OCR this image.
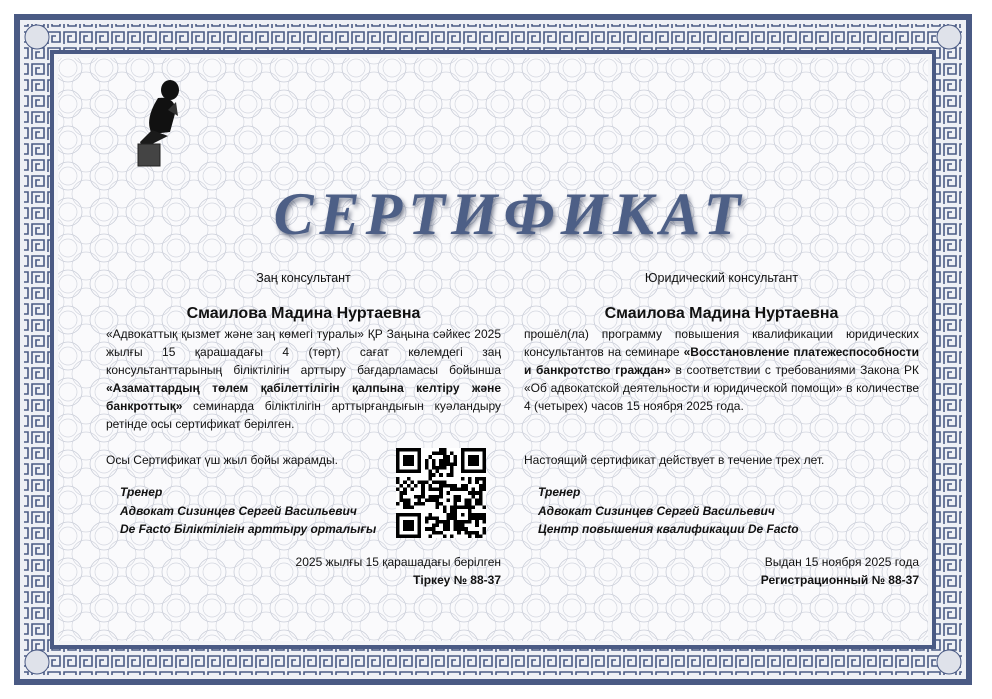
СЕРТИФИКАТ
Заң консультант
Смаилова Мадина Нуртаевна
«Адвокаттық қызмет және заң көмегі туралы» ҚР Заңына сәйкес 2025 жылғы 15 қарашадағы 4 (төрт) сағат көлемдегі заң консультанттарының біліктілігін арттыру бағдарламасы бойынша «Азаматтардың төлем қабілеттілігін қалпына келтіру және банкроттық» семинарда біліктілігін арттырғандығын куәландыру ретінде осы сертификат берілген.
Осы Сертификат үш жыл бойы жарамды.
Тренер
Адвокат Сизинцев Сергей Васильевич
De Facto Біліктілігін арттыру орталығы
2025 жылғы 15 қарашадағы берілген
Тіркеу № 88-37
Юридический консультант
Смаилова Мадина Нуртаевна
прошёл(ла) программу повышения квалификации юридических консультантов на семинаре «Восстановление платежеспособности и банкротство граждан» в соответствии с требованиями Закона РК «Об адвокатской деятельности и юридической помощи» в количестве 4 (четырех) часов 15 ноября 2025 года.
Настоящий сертификат действует в течение трех лет.
Тренер
Адвокат Сизинцев Сергей Васильевич
Центр повышения квалификации De Facto
Выдан 15 ноября 2025 года
Регистрационный № 88-37
